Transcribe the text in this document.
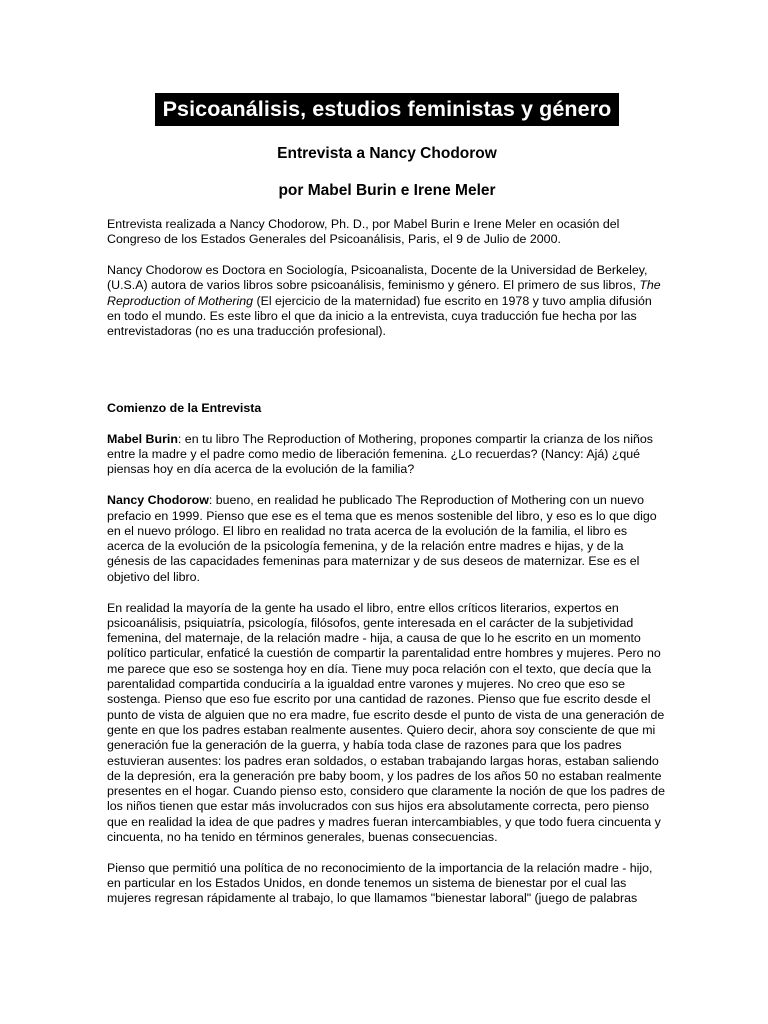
Psicoanálisis, estudios feministas y género
Entrevista a Nancy Chodorow
por Mabel Burin e Irene Meler

Entrevista realizada a Nancy Chodorow, Ph. D., por Mabel Burin e Irene Meler en ocasión del Congreso de los Estados Generales del Psicoanálisis, Paris, el 9 de Julio de 2000.

Nancy Chodorow es Doctora en Sociología, Psicoanalista, Docente de la Universidad de Berkeley, (U.S.A) autora de varios libros sobre psicoanálisis, feminismo y género. El primero de sus libros, The Reproduction of Mothering (El ejercicio de la maternidad) fue escrito en 1978 y tuvo amplia difusión en todo el mundo. Es este libro el que da inicio a la entrevista, cuya traducción fue hecha por las entrevistadoras (no es una traducción profesional).

Comienzo de la Entrevista

Mabel Burin: en tu libro The Reproduction of Mothering, propones compartir la crianza de los niños entre la madre y el padre como medio de liberación femenina. ¿Lo recuerdas? (Nancy: Ajá) ¿qué piensas hoy en día acerca de la evolución de la familia?

Nancy Chodorow: bueno, en realidad he publicado The Reproduction of Mothering con un nuevo prefacio en 1999. Pienso que ese es el tema que es menos sostenible del libro, y eso es lo que digo en el nuevo prólogo. El libro en realidad no trata acerca de la evolución de la familia, el libro es acerca de la evolución de la psicología femenina, y de la relación entre madres e hijas, y de la génesis de las capacidades femeninas para maternizar y de sus deseos de maternizar. Ese es el objetivo del libro.

En realidad la mayoría de la gente ha usado el libro, entre ellos críticos literarios, expertos en psicoanálisis, psiquiatría, psicología, filósofos, gente interesada en el carácter de la subjetividad femenina, del maternaje, de la relación madre - hija, a causa de que lo he escrito en un momento político particular, enfaticé la cuestión de compartir la parentalidad entre hombres y mujeres. Pero no me parece que eso se sostenga hoy en día. Tiene muy poca relación con el texto, que decía que la parentalidad compartida conduciría a la igualdad entre varones y mujeres. No creo que eso se sostenga. Pienso que eso fue escrito por una cantidad de razones. Pienso que fue escrito desde el punto de vista de alguien que no era madre, fue escrito desde el punto de vista de una generación de gente en que los padres estaban realmente ausentes. Quiero decir, ahora soy consciente de que mi generación fue la generación de la guerra, y había toda clase de razones para que los padres estuvieran ausentes: los padres eran soldados, o estaban trabajando largas horas, estaban saliendo de la depresión, era la generación pre baby boom, y los padres de los años 50 no estaban realmente presentes en el hogar. Cuando pienso esto, considero que claramente la noción de que los padres de los niños tienen que estar más involucrados con sus hijos era absolutamente correcta, pero pienso que en realidad la idea de que padres y madres fueran intercambiables, y que todo fuera cincuenta y cincuenta, no ha tenido en términos generales, buenas consecuencias.

Pienso que permitió una política de no reconocimiento de la importancia de la relación madre - hijo, en particular en los Estados Unidos, en donde tenemos un sistema de bienestar por el cual las mujeres regresan rápidamente al trabajo, lo que llamamos "bienestar laboral" (juego de palabras
